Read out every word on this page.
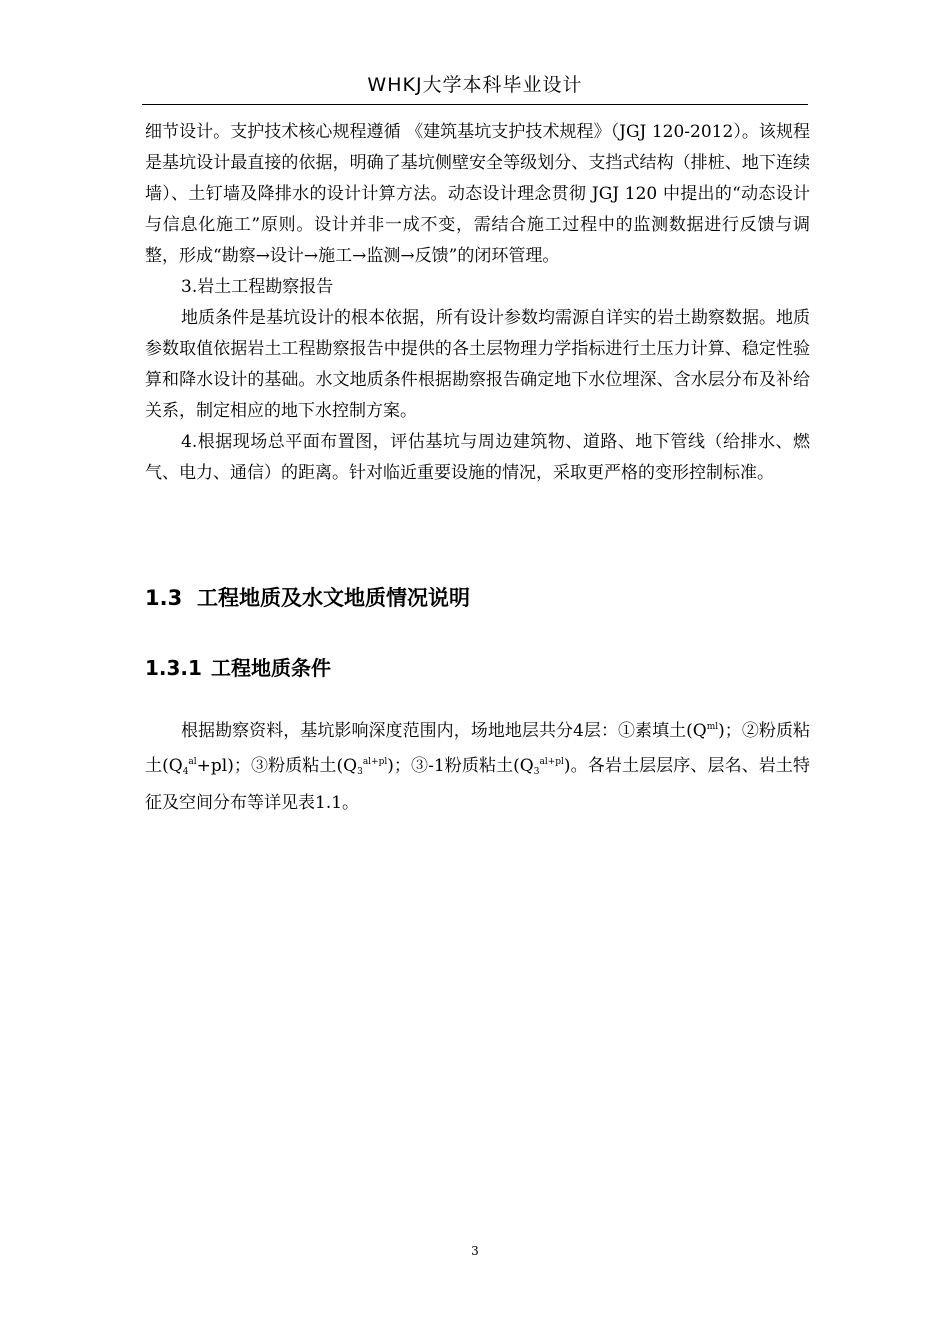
WHKJ大学本科毕业设计

细节设计。支护技术核心规程遵循 《建筑基坑支护技术规程》（JGJ 120-2012）。该规程是基坑设计最直接的依据，明确了基坑侧壁安全等级划分、支挡式结构（排桩、地下连续墙）、土钉墙及降排水的设计计算方法。动态设计理念贯彻 JGJ 120 中提出的“动态设计与信息化施工”原则。设计并非一成不变，需结合施工过程中的监测数据进行反馈与调整，形成“勘察→设计→施工→监测→反馈”的闭环管理。

3.岩土工程勘察报告

地质条件是基坑设计的根本依据，所有设计参数均需源自详实的岩土勘察数据。地质参数取值依据岩土工程勘察报告中提供的各土层物理力学指标进行土压力计算、稳定性验算和降水设计的基础。水文地质条件根据勘察报告确定地下水位埋深、含水层分布及补给关系，制定相应的地下水控制方案。

4.根据现场总平面布置图，评估基坑与周边建筑物、道路、地下管线（给排水、燃气、电力、通信）的距离。针对临近重要设施的情况，采取更严格的变形控制标准。

1.3 工程地质及水文地质情况说明
1.3.1 工程地质条件

根据勘察资料，基坑影响深度范围内，场地地层共分4层：①素填土$(Q^{ml})$；②粉质粘土$(Q_4^{al}+pl)$；③粉质粘土$(Q_3^{al+pl})$；③-1粉质粘土$(Q_3^{al+pl})$。各岩土层层序、层名、岩土特征及空间分布等详见表1.1。

3
